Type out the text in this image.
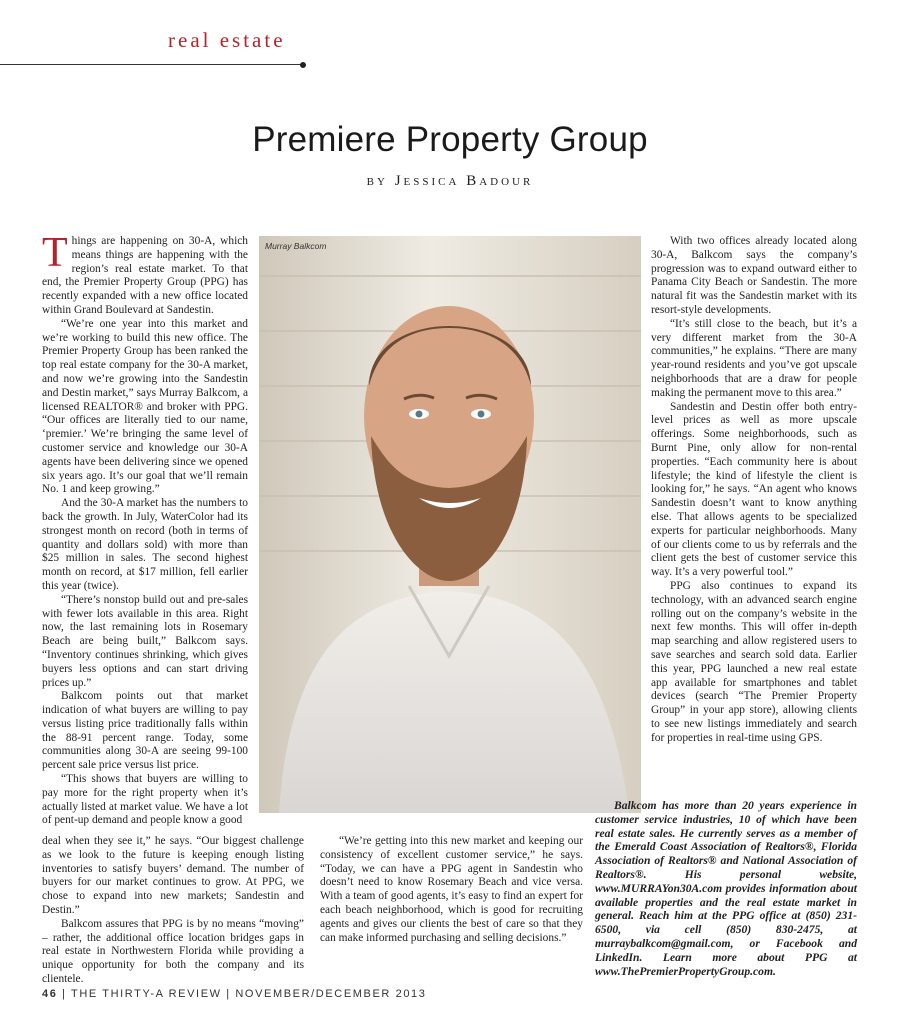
real estate
Premiere Property Group
by Jessica Badour

Things are happening on 30-A, which means things are happening with the region’s real estate market. To that end, the Premier Property Group (PPG) has recently expanded with a new office located within Grand Boulevard at Sandestin.

“We’re one year into this market and we’re working to build this new office. The Premier Property Group has been ranked the top real estate company for the 30-A market, and now we’re growing into the Sandestin and Destin market,” says Murray Balkcom, a licensed REALTOR® and broker with PPG. “Our offices are literally tied to our name, ‘premier.’ We’re bringing the same level of customer service and knowledge our 30-A agents have been delivering since we opened six years ago. It’s our goal that we’ll remain No. 1 and keep growing.”

And the 30-A market has the numbers to back the growth. In July, WaterColor had its strongest month on record (both in terms of quantity and dollars sold) with more than $25 million in sales. The second highest month on record, at $17 million, fell earlier this year (twice).

“There’s nonstop build out and pre-sales with fewer lots available in this area. Right now, the last remaining lots in Rosemary Beach are being built,” Balkcom says. “Inventory continues shrinking, which gives buyers less options and can start driving prices up.”

Balkcom points out that market indication of what buyers are willing to pay versus listing price traditionally falls within the 88-91 percent range. Today, some communities along 30-A are seeing 99-100 percent sale price versus list price.

“This shows that buyers are willing to pay more for the right property when it’s actually listed at market value. We have a lot of pent-up demand and people know a good

deal when they see it,” he says. “Our biggest challenge as we look to the future is keeping enough listing inventories to satisfy buyers’ demand. The number of buyers for our market continues to grow. At PPG, we chose to expand into new markets; Sandestin and Destin.”

Balkcom assures that PPG is by no means “moving” – rather, the additional office location bridges gaps in real estate in Northwestern Florida while providing a unique opportunity for both the company and its clientele.

Murray Balkcom

“We’re getting into this new market and keeping our consistency of excellent customer service,” he says. “Today, we can have a PPG agent in Sandestin who doesn’t need to know Rosemary Beach and vice versa. With a team of good agents, it’s easy to find an expert for each beach neighborhood, which is good for recruiting agents and gives our clients the best of care so that they can make informed purchasing and selling decisions.”

With two offices already located along 30-A, Balkcom says the company’s progression was to expand outward either to Panama City Beach or Sandestin. The more natural fit was the Sandestin market with its resort-style developments.

“It’s still close to the beach, but it’s a very different market from the 30-A communities,” he explains. “There are many year-round residents and you’ve got upscale neighborhoods that are a draw for people making the permanent move to this area.”

Sandestin and Destin offer both entry-level prices as well as more upscale offerings. Some neighborhoods, such as Burnt Pine, only allow for non-rental properties. “Each community here is about lifestyle; the kind of lifestyle the client is looking for,” he says. “An agent who knows Sandestin doesn’t want to know anything else. That allows agents to be specialized experts for particular neighborhoods. Many of our clients come to us by referrals and the client gets the best of customer service this way. It’s a very powerful tool.”

PPG also continues to expand its technology, with an advanced search engine rolling out on the company’s website in the next few months. This will offer in-depth map searching and allow registered users to save searches and search sold data. Earlier this year, PPG launched a new real estate app available for smartphones and tablet devices (search “The Premier Property Group” in your app store), allowing clients to see new listings immediately and search for properties in real-time using GPS.

Balkcom has more than 20 years experience in customer service industries, 10 of which have been real estate sales. He currently serves as a member of the Emerald Coast Association of Realtors®, Florida Association of Realtors® and National Association of Realtors®. His personal website, www.MURRAYon30A.com provides information about available properties and the real estate market in general. Reach him at the PPG office at (850) 231-6500, via cell (850) 830-2475, at murraybalkcom@gmail.com, or Facebook and LinkedIn. Learn more about PPG at www.ThePremierPropertyGroup.com.

46 | THE THIRTY-A REVIEW | NOVEMBER/DECEMBER 2013
